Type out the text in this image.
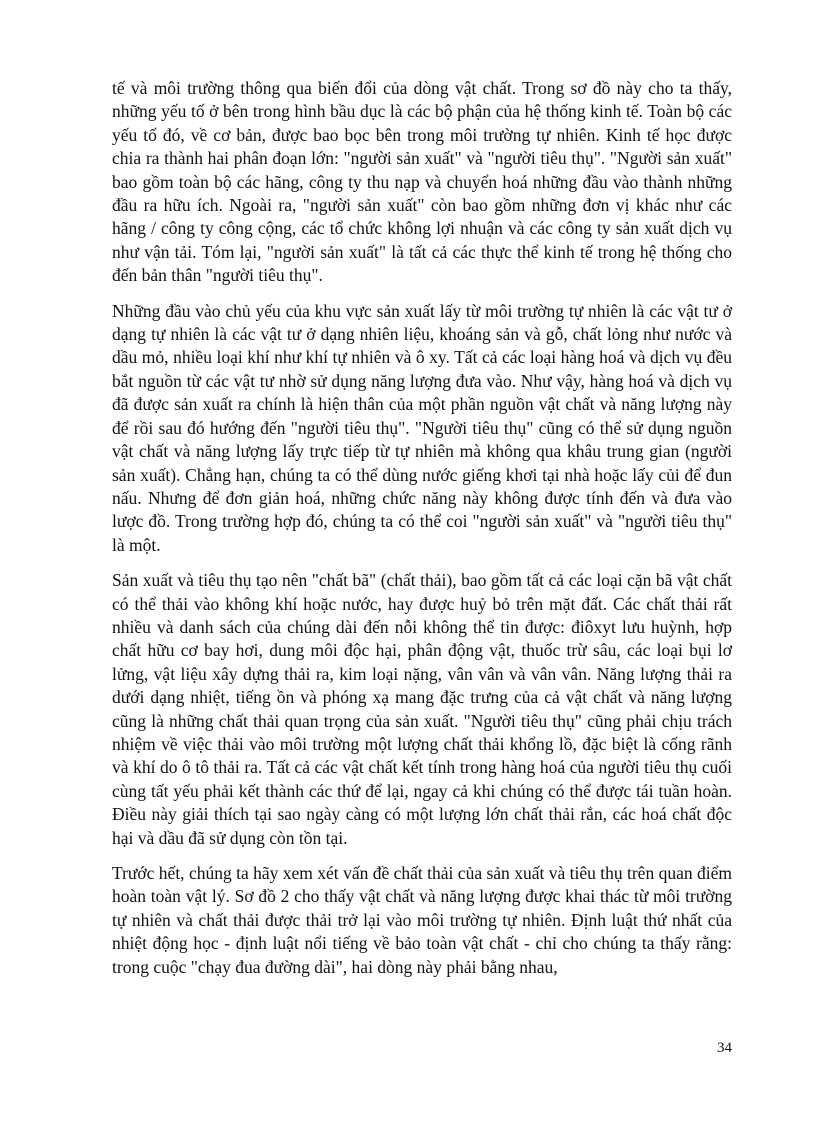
tế và môi trường thông qua biến đổi của dòng vật chất. Trong sơ đồ này cho ta thấy, những yếu tố ở bên trong hình bầu dục là các bộ phận của hệ thống kinh tế. Toàn bộ các yếu tố đó, về cơ bản, được bao bọc bên trong môi trường tự nhiên. Kinh tế học được chia ra thành hai phân đoạn lớn: "người sản xuất" và "người tiêu thụ". "Người sản xuất" bao gồm toàn bộ các hãng, công ty thu nạp và chuyển hoá những đầu vào thành những đầu ra hữu ích. Ngoài ra, "người sản xuất" còn bao gồm những đơn vị khác như các hãng / công ty công cộng, các tổ chức không lợi nhuận và các công ty sản xuất dịch vụ như vận tải. Tóm lại, "người sản xuất" là tất cả các thực thể kinh tế trong hệ thống cho đến bản thân "người tiêu thụ".

Những đầu vào chủ yếu của khu vực sản xuất lấy từ môi trường tự nhiên là các vật tư ở dạng tự nhiên là các vật tư ở dạng nhiên liệu, khoáng sản và gỗ, chất lỏng như nước và dầu mỏ, nhiều loại khí như khí tự nhiên và ô xy. Tất cả các loại hàng hoá và dịch vụ đều bắt nguồn từ các vật tư nhờ sử dụng năng lượng đưa vào. Như vậy, hàng hoá và dịch vụ đã được sản xuất ra chính là hiện thân của một phần nguồn vật chất và năng lượng này để rồi sau đó hướng đến "người tiêu thụ". "Người tiêu thụ" cũng có thể sử dụng nguồn vật chất và năng lượng lấy trực tiếp từ tự nhiên mà không qua khâu trung gian (người sản xuất). Chẳng hạn, chúng ta có thể dùng nước giếng khơi tại nhà hoặc lấy củi để đun nấu. Nhưng để đơn giản hoá, những chức năng này không được tính đến và đưa vào lược đồ. Trong trường hợp đó, chúng ta có thể coi "người sản xuất" và "người tiêu thụ" là một.

Sản xuất và tiêu thụ tạo nên "chất bã" (chất thải), bao gồm tất cả các loại cặn bã vật chất có thể thải vào không khí hoặc nước, hay được huỷ bỏ trên mặt đất. Các chất thải rất nhiều và danh sách của chúng dài đến nỗi không thể tin được: điôxyt lưu huỳnh, hợp chất hữu cơ bay hơi, dung môi độc hại, phân động vật, thuốc trừ sâu, các loại bụi lơ lửng, vật liệu xây dựng thải ra, kim loại nặng, vân vân và vân vân. Năng lượng thải ra dưới dạng nhiệt, tiếng ồn và phóng xạ mang đặc trưng của cả vật chất và năng lượng cũng là những chất thải quan trọng của sản xuất. "Người tiêu thụ" cũng phải chịu trách nhiệm về việc thải vào môi trường một lượng chất thải khổng lồ, đặc biệt là cống rãnh và khí do ô tô thải ra. Tất cả các vật chất kết tính trong hàng hoá của người tiêu thụ cuối cùng tất yếu phải kết thành các thứ để lại, ngay cả khi chúng có thể được tái tuần hoàn. Điều này giải thích tại sao ngày càng có một lượng lớn chất thải rắn, các hoá chất độc hại và dầu đã sử dụng còn tồn tại.

Trước hết, chúng ta hãy xem xét vấn đề chất thải của sản xuất và tiêu thụ trên quan điểm hoàn toàn vật lý. Sơ đồ 2 cho thấy vật chất và năng lượng được khai thác từ môi trường tự nhiên và chất thải được thải trở lại vào môi trường tự nhiên. Định luật thứ nhất của nhiệt động học - định luật nổi tiếng về bảo toàn vật chất - chỉ cho chúng ta thấy rằng: trong cuộc "chạy đua đường dài", hai dòng này phải bằng nhau,

34
